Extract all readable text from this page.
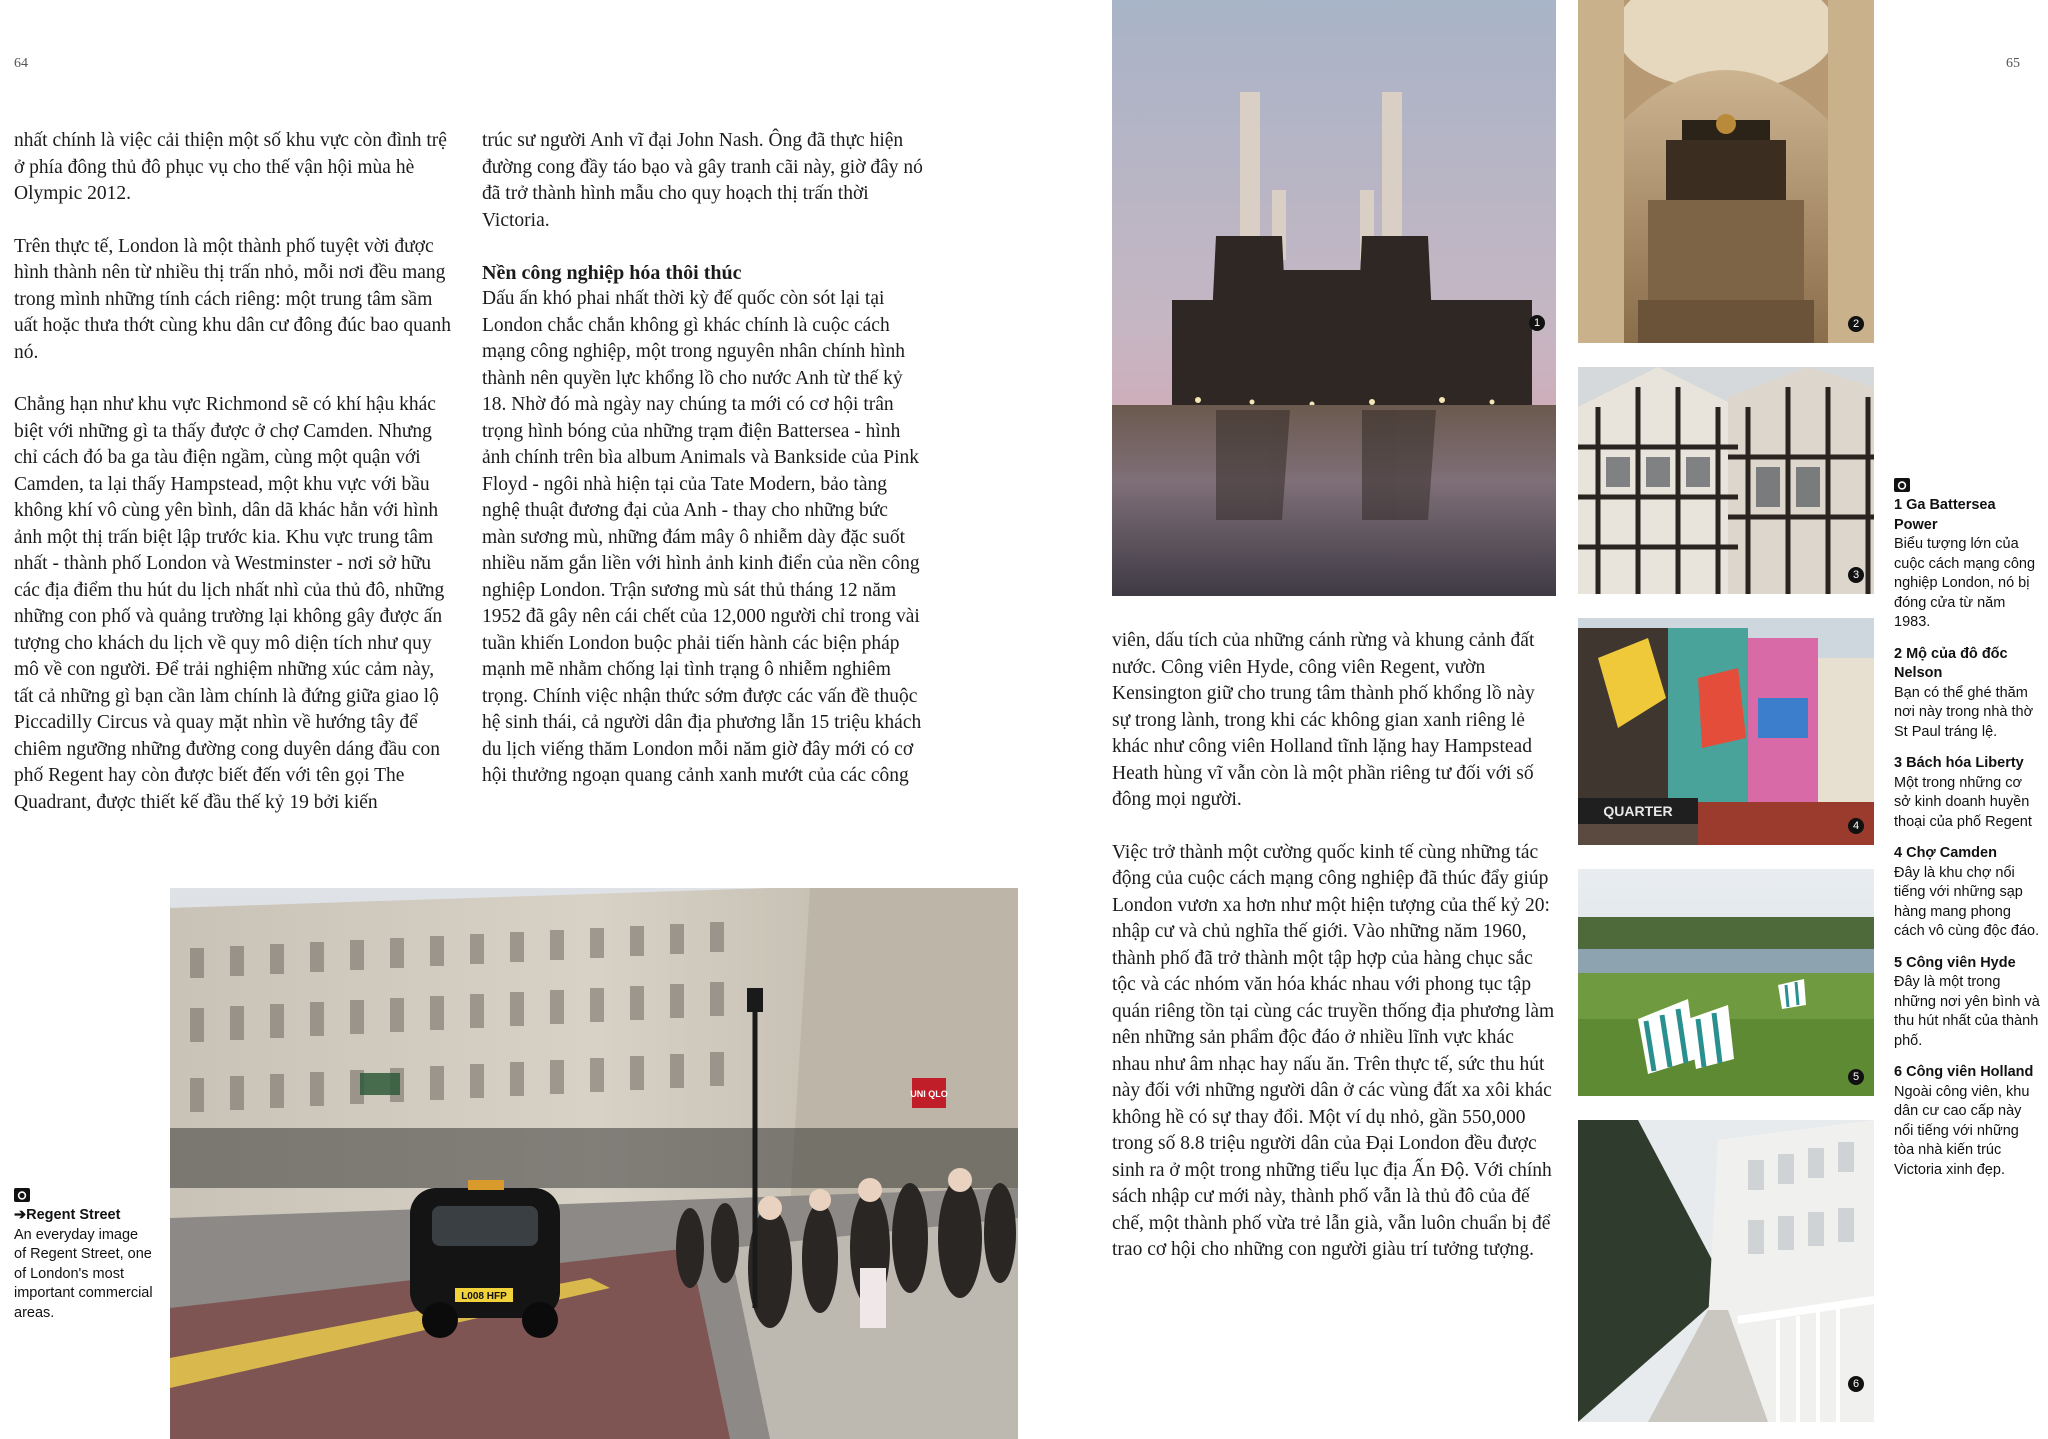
64	65

nhất chính là việc cải thiện một số khu vực còn đình trệ ở phía đông thủ đô phục vụ cho thế vận hội mùa hè Olympic 2012.

Trên thực tế, London là một thành phố tuyệt vời được hình thành nên từ nhiều thị trấn nhỏ, mỗi nơi đều mang trong mình những tính cách riêng: một trung tâm sầm uất hoặc thưa thớt cùng khu dân cư đông đúc bao quanh nó.

Chẳng hạn như khu vực Richmond sẽ có khí hậu khác biệt với những gì ta thấy được ở chợ Camden. Nhưng chỉ cách đó ba ga tàu điện ngầm, cùng một quận với Camden, ta lại thấy Hampstead, một khu vực với bầu không khí vô cùng yên bình, dân dã khác hẳn với hình ảnh một thị trấn biệt lập trước kia. Khu vực trung tâm nhất - thành phố London và Westminster - nơi sở hữu các địa điểm thu hút du lịch nhất nhì của thủ đô, những những con phố và quảng trường lại không gây được ấn tượng cho khách du lịch về quy mô diện tích như quy mô về con người. Để trải nghiệm những xúc cảm này, tất cả những gì bạn cần làm chính là đứng giữa giao lộ Piccadilly Circus và quay mặt nhìn về hướng tây để chiêm ngưỡng những đường cong duyên dáng đầu con phố Regent hay còn được biết đến với tên gọi The Quadrant, được thiết kế đầu thế kỷ 19 bởi kiến

trúc sư người Anh vĩ đại John Nash. Ông đã thực hiện đường cong đầy táo bạo và gây tranh cãi này, giờ đây nó đã trở thành hình mẫu cho quy hoạch thị trấn thời Victoria.

Nền công nghiệp hóa thôi thúc

Dấu ấn khó phai nhất thời kỳ đế quốc còn sót lại tại London chắc chắn không gì khác chính là cuộc cách mạng công nghiệp, một trong nguyên nhân chính hình thành nên quyền lực khổng lồ cho nước Anh từ thế kỷ 18. Nhờ đó mà ngày nay chúng ta mới có cơ hội trân trọng hình bóng của những trạm điện Battersea - hình ảnh chính trên bìa album Animals và Bankside của Pink Floyd - ngôi nhà hiện tại của Tate Modern, bảo tàng nghệ thuật đương đại của Anh - thay cho những bức màn sương mù, những đám mây ô nhiễm dày đặc suốt nhiều năm gắn liền với hình ảnh kinh điển của nền công nghiệp London. Trận sương mù sát thủ tháng 12 năm 1952 đã gây nên cái chết của 12,000 người chỉ trong vài tuần khiến London buộc phải tiến hành các biện pháp mạnh mẽ nhằm chống lại tình trạng ô nhiễm nghiêm trọng. Chính việc nhận thức sớm được các vấn đề thuộc hệ sinh thái, cả người dân địa phương lẫn 15 triệu khách du lịch viếng thăm London mỗi năm giờ đây mới có cơ hội thưởng ngoạn quang cảnh xanh mướt của các công

viên, dấu tích của những cánh rừng và khung cảnh đất nước. Công viên Hyde, công viên Regent, vườn Kensington giữ cho trung tâm thành phố khổng lồ này sự trong lành, trong khi các không gian xanh riêng lẻ khác như công viên Holland tĩnh lặng hay Hampstead Heath hùng vĩ vẫn còn là một phần riêng tư đối với số đông mọi người.

Việc trở thành một cường quốc kinh tế cùng những tác động của cuộc cách mạng công nghiệp đã thúc đẩy giúp London vươn xa hơn như một hiện tượng của thế kỷ 20: nhập cư và chủ nghĩa thế giới. Vào những năm 1960, thành phố đã trở thành một tập hợp của hàng chục sắc tộc và các nhóm văn hóa khác nhau với phong tục tập quán riêng tồn tại cùng các truyền thống địa phương làm nên những sản phẩm độc đáo ở nhiều lĩnh vực khác nhau như âm nhạc hay nấu ăn. Trên thực tế, sức thu hút này đối với những người dân ở các vùng đất xa xôi khác không hề có sự thay đổi. Một ví dụ nhỏ, gần 550,000 trong số 8.8 triệu người dân của Đại London đều được sinh ra ở một trong những tiểu lục địa Ấn Độ. Với chính sách nhập cư mới này, thành phố vẫn là thủ đô của đế chế, một thành phố vừa trẻ lẫn già, vẫn luôn chuẩn bị để trao cơ hội cho những con người giàu trí tưởng tượng.

L008 HFP
UNI QLO
➔Regent Street
An everyday image of Regent Street, one of London's most important commercial areas.
1	2
3
QUARTER
4
5
6
1 Ga Battersea Power
Biểu tượng lớn của cuộc cách mạng công nghiệp London, nó bị đóng cửa từ năm 1983.
2 Mộ của đô đốc Nelson
Bạn có thể ghé thăm nơi này trong nhà thờ St Paul tráng lệ.
3 Bách hóa Liberty
Một trong những cơ sở kinh doanh huyền thoại của phố Regent
4 Chợ Camden
Đây là khu chợ nổi tiếng với những sạp hàng mang phong cách vô cùng độc đáo.
5 Công viên Hyde
Đây là một trong những nơi yên bình và thu hút nhất của thành phố.
6 Công viên Holland
Ngoài công viên, khu dân cư cao cấp này nổi tiếng với những tòa nhà kiến trúc Victoria xinh đẹp.
